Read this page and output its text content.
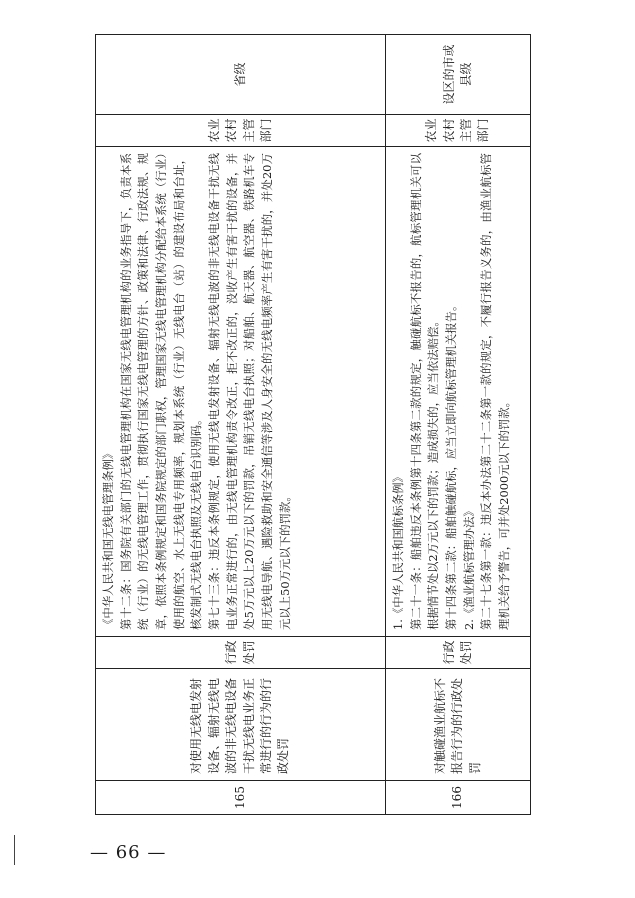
165	对使用无线电发射设备、辐射无线电波的非无线电设备干扰无线电业务正常进行的行为的行政处罚	行政处罚	《中华人民共和国无线电管理条例》 第十二条：国务院有关部门的无线电管理机构在国家无线电管理机构的业务指导下，负责本系统（行业）的无线电管理工作，贯彻执行国家无线电管理的方针、政策和法律、行政法规、规章，依照本条例规定和国务院规定的部门职权，管理国家无线电管理机构分配给本系统（行业）使用的航空、水上无线电专用频率，规划本系统（行业）无线电台（站）的建设布局和台址，核发制式无线电台执照及无线电台识别码。 第七十三条：违反本条例规定，使用无线电发射设备、辐射无线电波的非无线电设备干扰无线电业务正常进行的，由无线电管理机构责令改正，拒不改正的，没收产生有害干扰的设备，并处5万元以上20万元以下的罚款，吊销无线电台执照；对船舶、航天器、航空器、铁路机车专用无线电导航、遇险救助和安全通信等涉及人身安全的无线电频率产生有害干扰的，并处20万元以上50万元以下的罚款。	农业农村主管部门	省级
166	对触碰渔业航标不报告行为的行政处罚	行政处罚	1.《中华人民共和国航标条例》 第二十一条：船舶违反本条例第十四条第二款的规定，触碰航标不报告的，航标管理机关可以根据情节处以2万元以下的罚款；造成损失的，应当依法赔偿。 第十四条第二款：船舶触碰航标，应当立即向航标管理机关报告。 2.《渔业航标管理办法》 第二十七条第一款：违反本办法第二十二条第一款的规定，不履行报告义务的，由渔业航标管理机关给予警告，可并处2000元以下的罚款。	农业农村主管部门	设区的市或县级
— 66 —
